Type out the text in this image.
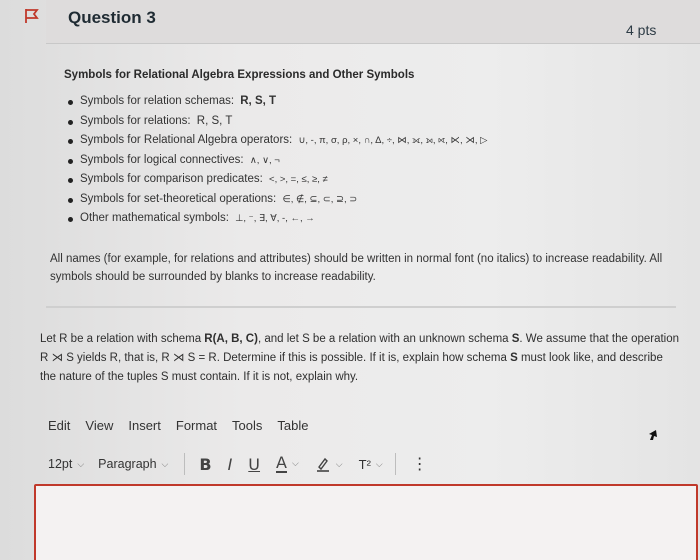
Question 3
4 pts
Symbols for Relational Algebra Expressions and Other Symbols
Symbols for relation schemas: R, S, T
Symbols for relations: R, S, T
Symbols for Relational Algebra operators: ∪, -, π, σ, ρ, ×, ∩, Δ, ÷, ⋈, ⟗, ⟕, ⟖, ⋉, ⋊, ▷
Symbols for logical connectives: ∧, ∨, ¬
Symbols for comparison predicates: <, >, =, ≤, ≥, ≠
Symbols for set-theoretical operations: ∈, ∉, ⊆, ⊂, ⊇, ⊃
Other mathematical symbols: ⊥, ⁻, ∃, ∀, -, ←, →
All names (for example, for relations and attributes) should be written in normal font (no italics) to increase readability. All symbols should be surrounded by blanks to increase readability.
Let R be a relation with schema R(A, B, C), and let S be a relation with an unknown schema S. We assume that the operation R ⋊ S yields R, that is, R ⋊ S = R. Determine if this is possible. If it is, explain how schema S must look like, and describe the nature of the tuples S must contain. If it is not, explain why.
Edit View Insert Format Tools Table
12pt ⌵ Paragraph ⌵ B I U A ⌵	⌵ T² ⌵ ⋮
